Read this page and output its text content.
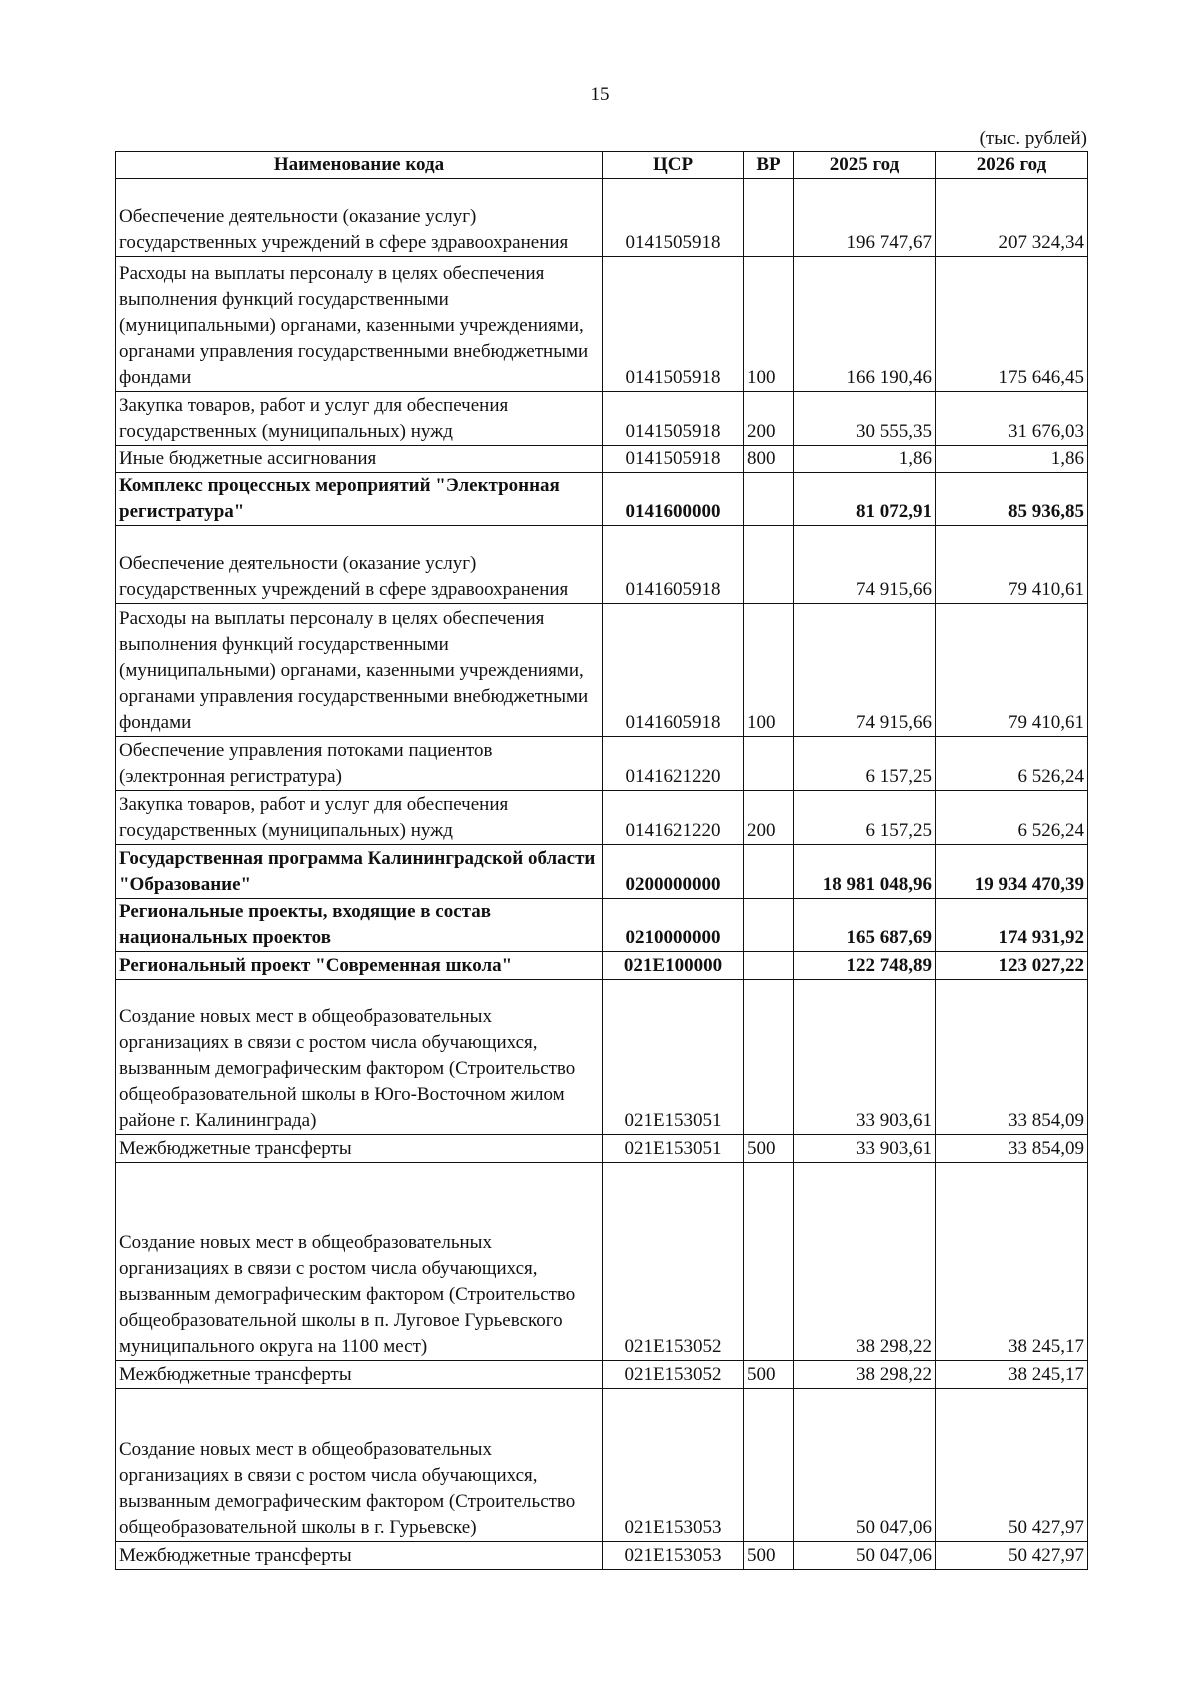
15
(тыс. рублей)
Наименование кода	ЦСР	ВР	2025 год	2026 год
Обеспечение деятельности (оказание услуг) государственных учреждений в сфере здравоохранения	0141505918		196 747,67	207 324,34
Расходы на выплаты персоналу в целях обеспечения выполнения функций государственными (муниципальными) органами, казенными учреждениями, органами управления государственными внебюджетными фондами	0141505918	100	166 190,46	175 646,45
Закупка товаров, работ и услуг для обеспечения государственных (муниципальных) нужд	0141505918	200	30 555,35	31 676,03
Иные бюджетные ассигнования	0141505918	800	1,86	1,86
Комплекс процессных мероприятий "Электронная регистратура"	0141600000		81 072,91	85 936,85
Обеспечение деятельности (оказание услуг) государственных учреждений в сфере здравоохранения	0141605918		74 915,66	79 410,61
Расходы на выплаты персоналу в целях обеспечения выполнения функций государственными (муниципальными) органами, казенными учреждениями, органами управления государственными внебюджетными фондами	0141605918	100	74 915,66	79 410,61
Обеспечение управления потоками пациентов (электронная регистратура)	0141621220		6 157,25	6 526,24
Закупка товаров, работ и услуг для обеспечения государственных (муниципальных) нужд	0141621220	200	6 157,25	6 526,24
Государственная программа Калининградской области "Образование"	0200000000		18 981 048,96	19 934 470,39
Региональные проекты, входящие в состав национальных проектов	0210000000		165 687,69	174 931,92
Региональный проект "Современная школа"	021Е100000		122 748,89	123 027,22
Создание новых мест в общеобразовательных организациях в связи с ростом числа обучающихся, вызванным демографическим фактором (Строительство общеобразовательной школы в Юго-Восточном жилом районе г. Калининграда)	021Е153051		33 903,61	33 854,09
Межбюджетные трансферты	021Е153051	500	33 903,61	33 854,09
Создание новых мест в общеобразовательных организациях в связи с ростом числа обучающихся, вызванным демографическим фактором (Строительство общеобразовательной школы в п. Луговое Гурьевского муниципального округа на 1100 мест)	021Е153052		38 298,22	38 245,17
Межбюджетные трансферты	021Е153052	500	38 298,22	38 245,17
Создание новых мест в общеобразовательных организациях в связи с ростом числа обучающихся, вызванным демографическим фактором (Строительство общеобразовательной школы в г. Гурьевске)	021Е153053		50 047,06	50 427,97
Межбюджетные трансферты	021Е153053	500	50 047,06	50 427,97
